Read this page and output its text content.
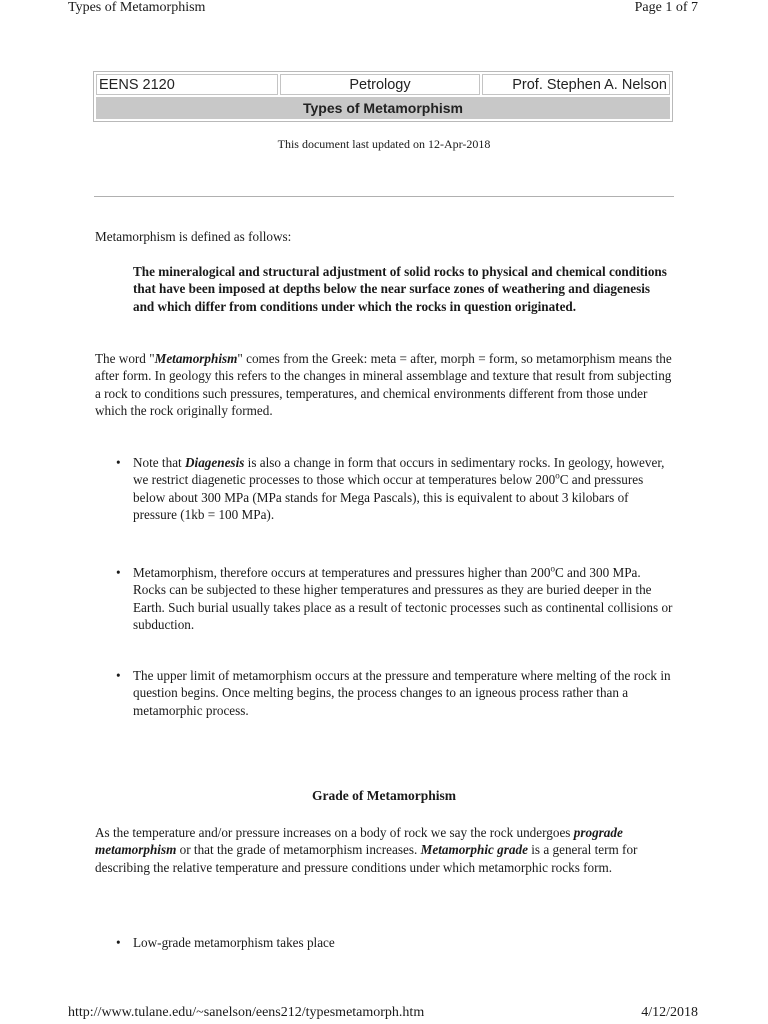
Types of Metamorphism	Page 1 of 7
EENS 2120	Petrology	Prof. Stephen A. Nelson
Types of Metamorphism
This document last updated on 12-Apr-2018
Metamorphism is defined as follows:
The mineralogical and structural adjustment of solid rocks to physical and chemical conditions that have been imposed at depths below the near surface zones of weathering and diagenesis and which differ from conditions under which the rocks in question originated.
The word "Metamorphism" comes from the Greek: meta = after, morph = form, so metamorphism means the after form. In geology this refers to the changes in mineral assemblage and texture that result from subjecting a rock to conditions such pressures, temperatures, and chemical environments different from those under which the rock originally formed.
• Note that Diagenesis is also a change in form that occurs in sedimentary rocks. In geology, however, we restrict diagenetic processes to those which occur at temperatures below 200$^o$C and pressures below about 300 MPa (MPa stands for Mega Pascals), this is equivalent to about 3 kilobars of pressure (1kb = 100 MPa).
• Metamorphism, therefore occurs at temperatures and pressures higher than 200$^o$C and 300 MPa. Rocks can be subjected to these higher temperatures and pressures as they are buried deeper in the Earth. Such burial usually takes place as a result of tectonic processes such as continental collisions or subduction.
• The upper limit of metamorphism occurs at the pressure and temperature where melting of the rock in question begins. Once melting begins, the process changes to an igneous process rather than a metamorphic process.
Grade of Metamorphism
As the temperature and/or pressure increases on a body of rock we say the rock undergoes prograde metamorphism or that the grade of metamorphism increases. Metamorphic grade is a general term for describing the relative temperature and pressure conditions under which metamorphic rocks form.
• Low-grade metamorphism takes place
http://www.tulane.edu/~sanelson/eens212/typesmetamorph.htm	4/12/2018
